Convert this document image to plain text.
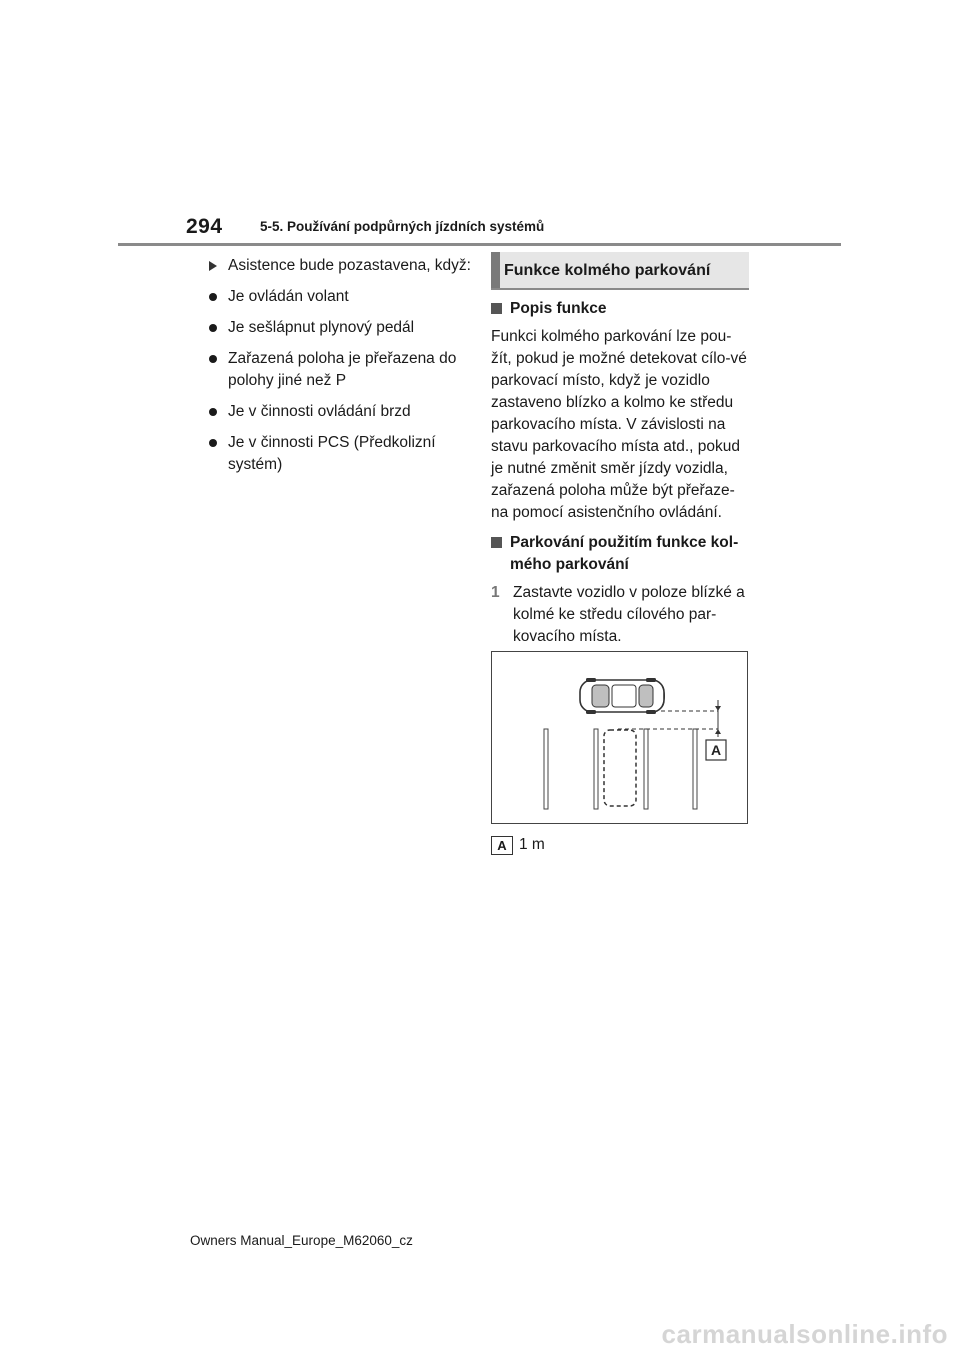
294	5-5. Používání podpůrných jízdních systémů
Asistence bude pozastavena, když:
Je ovládán volant
Je sešlápnut plynový pedál
Zařazená poloha je přeřazena do polohy jiné než P
Je v činnosti ovládání brzd
Je v činnosti PCS (Předkolizní systém)
Funkce kolmého parkování
Popis funkce

Funkci kolmého parkování lze pou-žít, pokud je možné detekovat cílo-vé parkovací místo, když je vozidlo zastaveno blízko a kolmo ke středu parkovacího místa. V závislosti na stavu parkovacího místa atd., pokud je nutné změnit směr jízdy vozidla, zařazená poloha může být přeřaze-na pomocí asistenčního ovládání.

Parkování použitím funkce kol-mého parkování
1 Zastavte vozidlo v poloze blízké a kolmé ke středu cílového par-kovacího místa.
A
A 1 m
Owners Manual_Europe_M62060_cz
carmanualsonline.info
